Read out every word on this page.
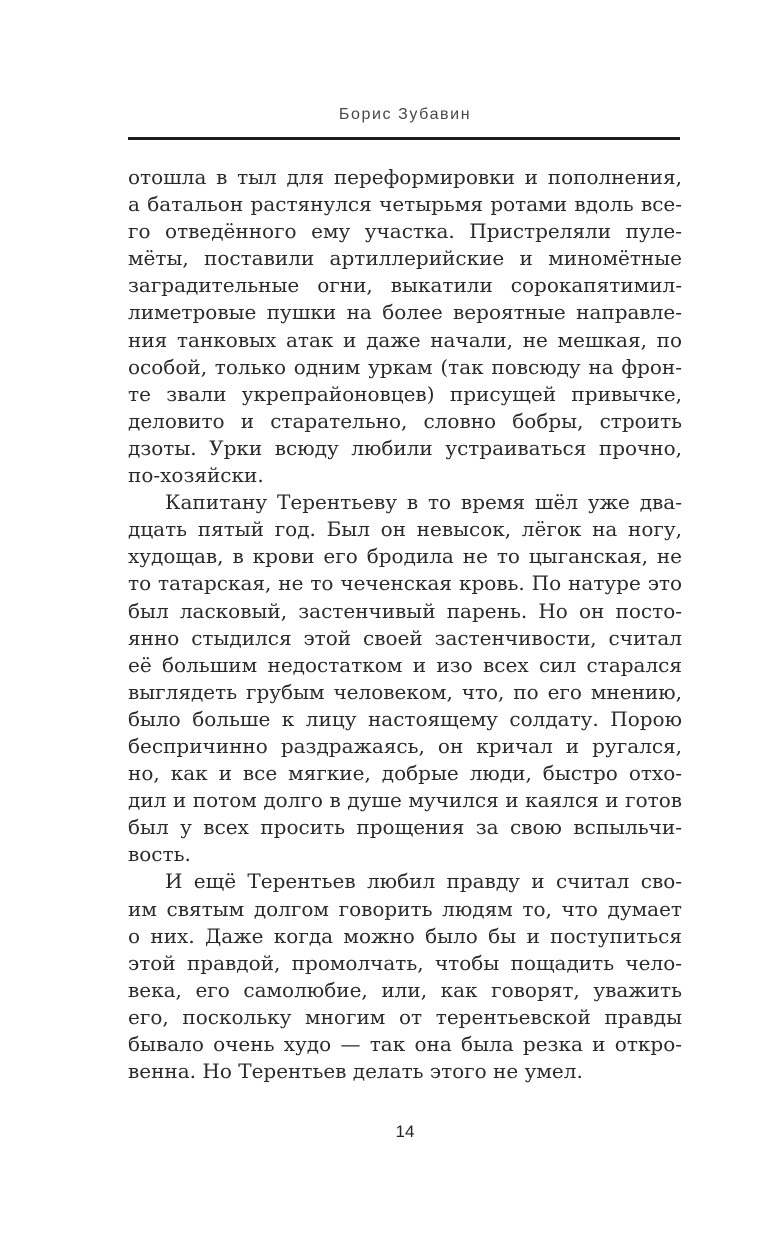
Борис Зубавин
отошла в тыл для переформировки и пополнения,
а батальон растянулся четырьмя ротами вдоль все-
го отведённого ему участка. Пристреляли пуле-
мёты, поставили артиллерийские и миномётные
заградительные огни, выкатили сорокапятимил-
лиметровые пушки на более вероятные направле-
ния танковых атак и даже начали, не мешкая, по
особой, только одним уркам (так повсюду на фрон-
те звали укрепрайоновцев) присущей привычке,
деловито и старательно, словно бобры, строить
дзоты. Урки всюду любили устраиваться прочно,
по-хозяйски.
Капитану Терентьеву в то время шёл уже два-
дцать пятый год. Был он невысок, лёгок на ногу,
худощав, в крови его бродила не то цыганская, не
то татарская, не то чеченская кровь. По натуре это
был ласковый, застенчивый парень. Но он посто-
янно стыдился этой своей застенчивости, считал
её большим недостатком и изо всех сил старался
выглядеть грубым человеком, что, по его мнению,
было больше к лицу настоящему солдату. Порою
беспричинно раздражаясь, он кричал и ругался,
но, как и все мягкие, добрые люди, быстро отхо-
дил и потом долго в душе мучился и каялся и готов
был у всех просить прощения за свою вспыльчи-
вость.
И ещё Терентьев любил правду и считал сво-
им святым долгом говорить людям то, что думает
о них. Даже когда можно было бы и поступиться
этой правдой, промолчать, чтобы пощадить чело-
века, его самолюбие, или, как говорят, уважить
его, поскольку многим от терентьевской правды
бывало очень худо — так она была резка и откро-
венна. Но Терентьев делать этого не умел.
14
